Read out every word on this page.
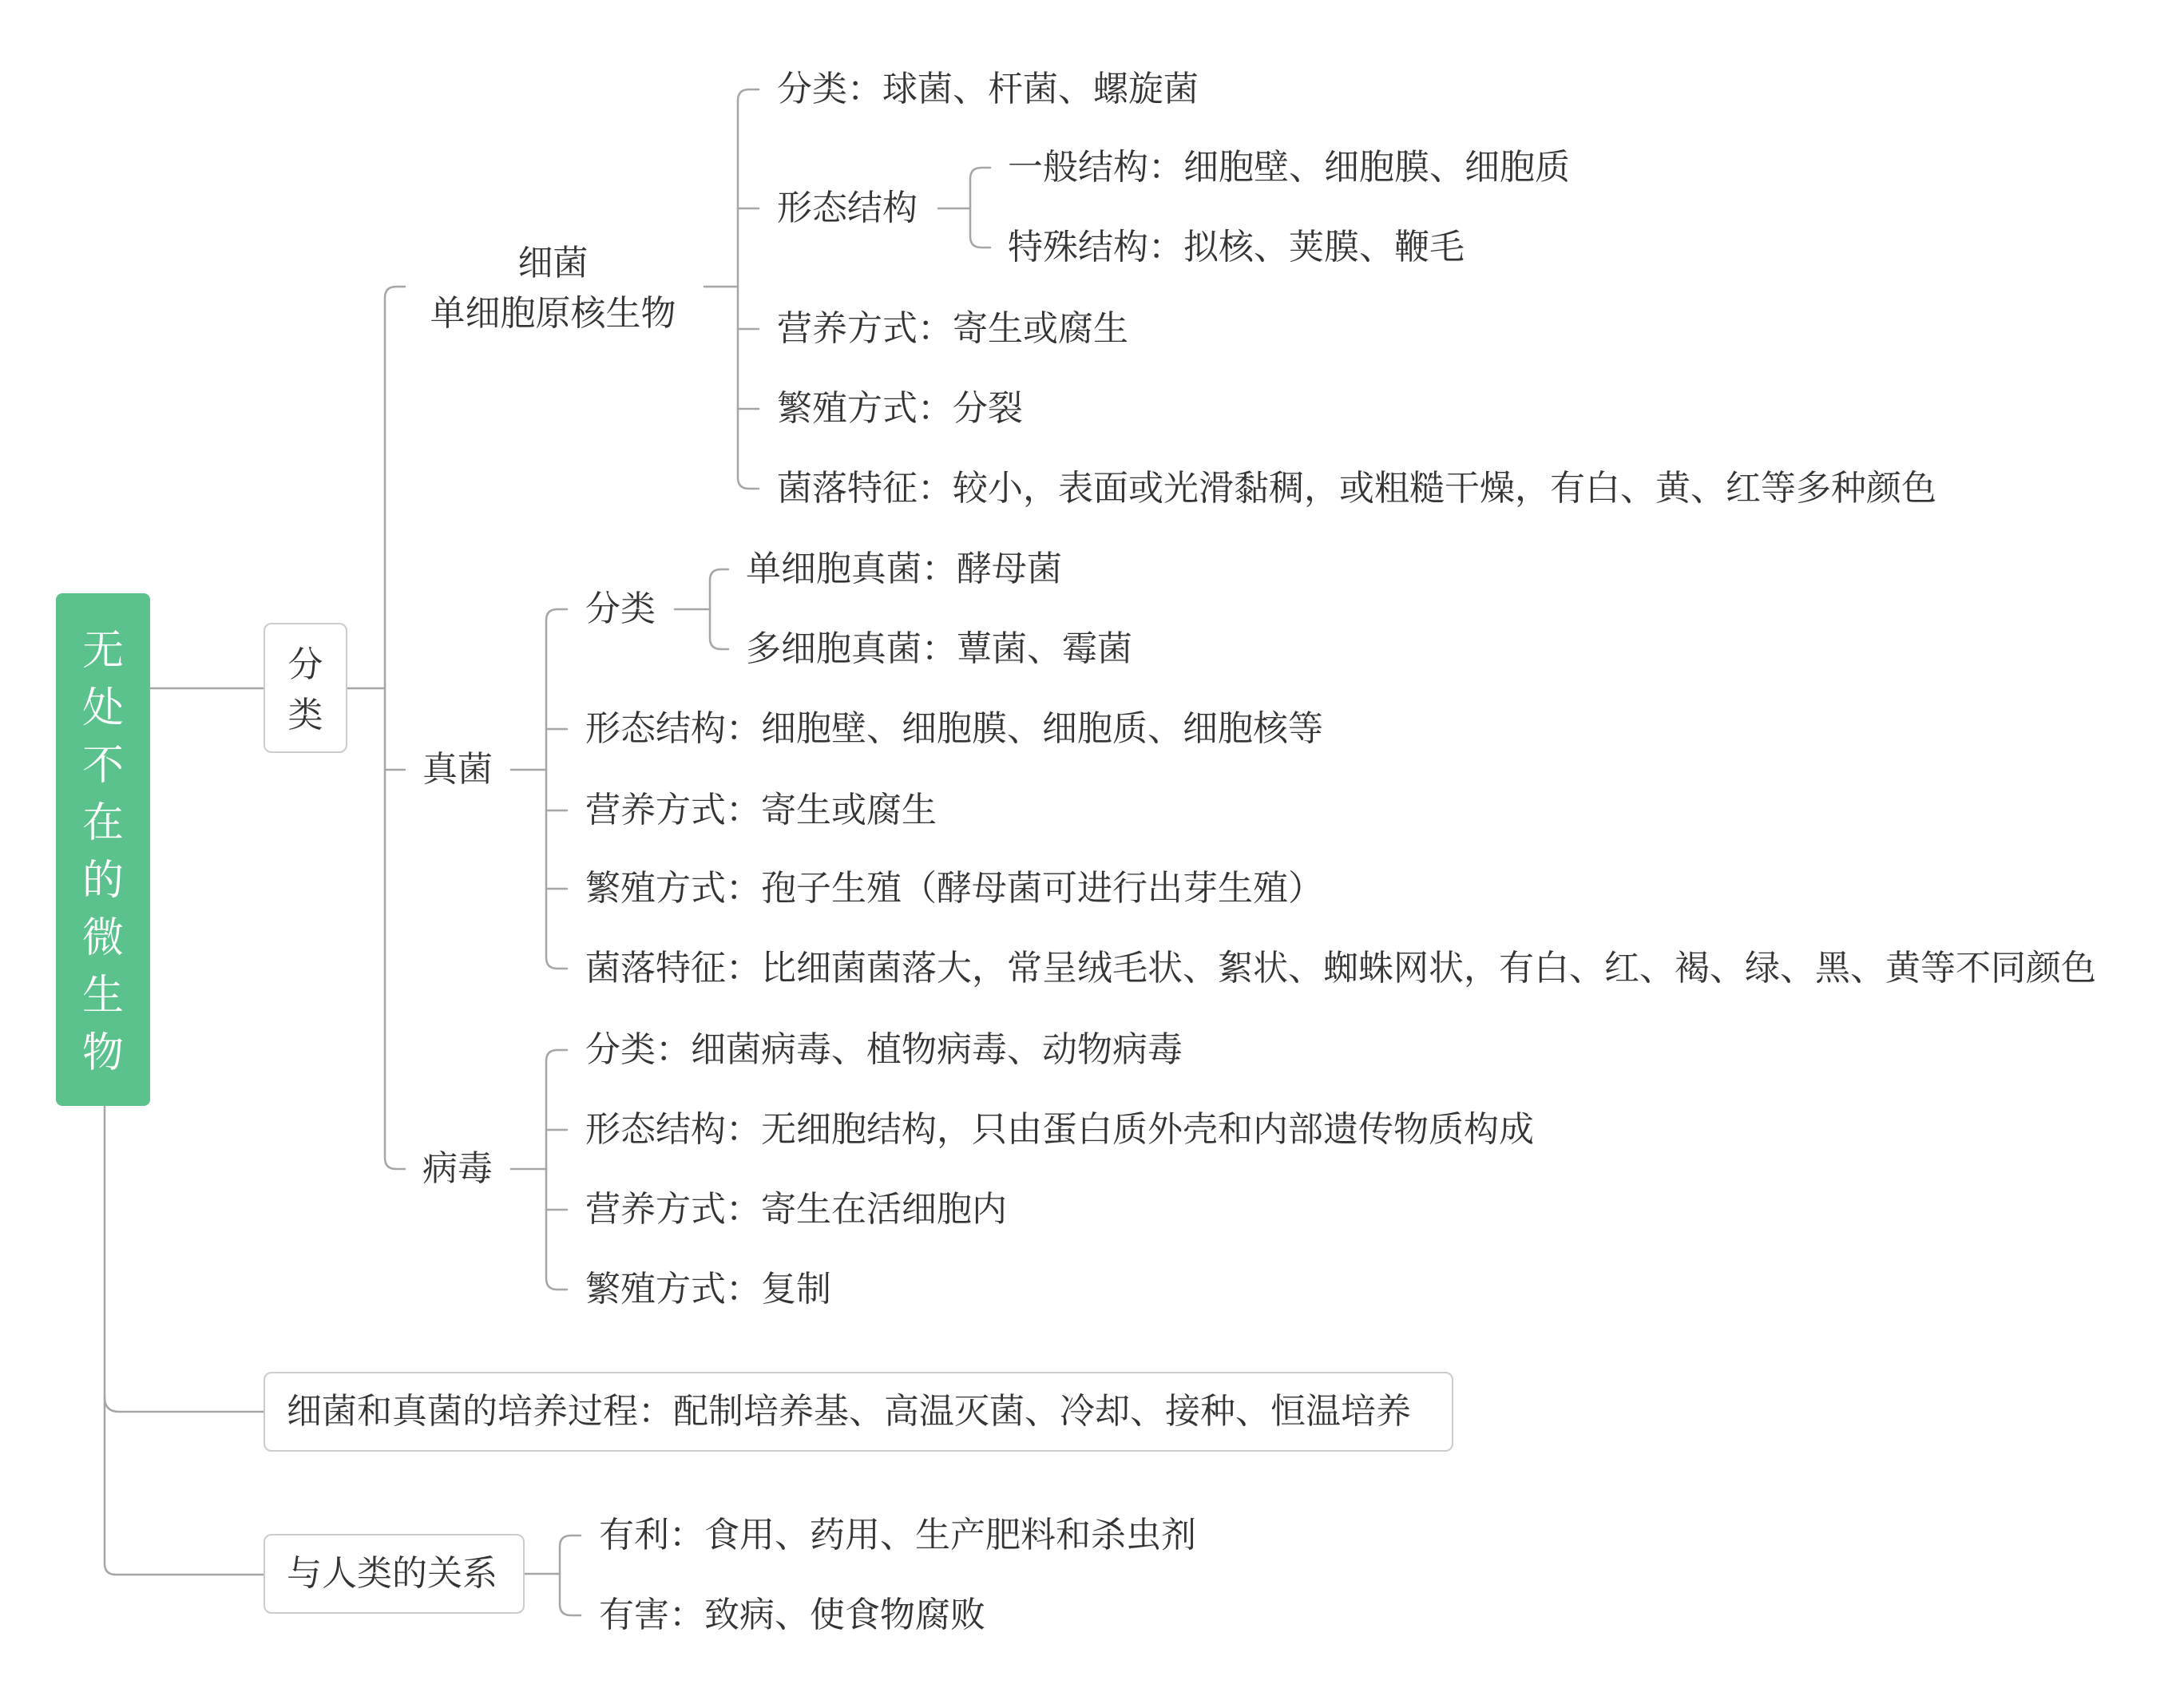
无处不在的微生物
分类
细菌
单细胞原核生物
分类：球菌、杆菌、螺旋菌
形态结构
一般结构：细胞壁、细胞膜、细胞质
特殊结构：拟核、荚膜、鞭毛
营养方式：寄生或腐生
繁殖方式：分裂
菌落特征：较小，表面或光滑黏稠，或粗糙干燥，有白、黄、红等多种颜色
真菌
分类
单细胞真菌：酵母菌
多细胞真菌：蕈菌、霉菌
形态结构：细胞壁、细胞膜、细胞质、细胞核等
营养方式：寄生或腐生
繁殖方式：孢子生殖（酵母菌可进行出芽生殖）
菌落特征：比细菌菌落大，常呈绒毛状、絮状、蜘蛛网状，有白、红、褐、绿、黑、黄等不同颜色
病毒
分类：细菌病毒、植物病毒、动物病毒
形态结构：无细胞结构，只由蛋白质外壳和内部遗传物质构成
营养方式：寄生在活细胞内
繁殖方式：复制
细菌和真菌的培养过程：配制培养基、高温灭菌、冷却、接种、恒温培养
与人类的关系
有利：食用、药用、生产肥料和杀虫剂
有害：致病、使食物腐败
